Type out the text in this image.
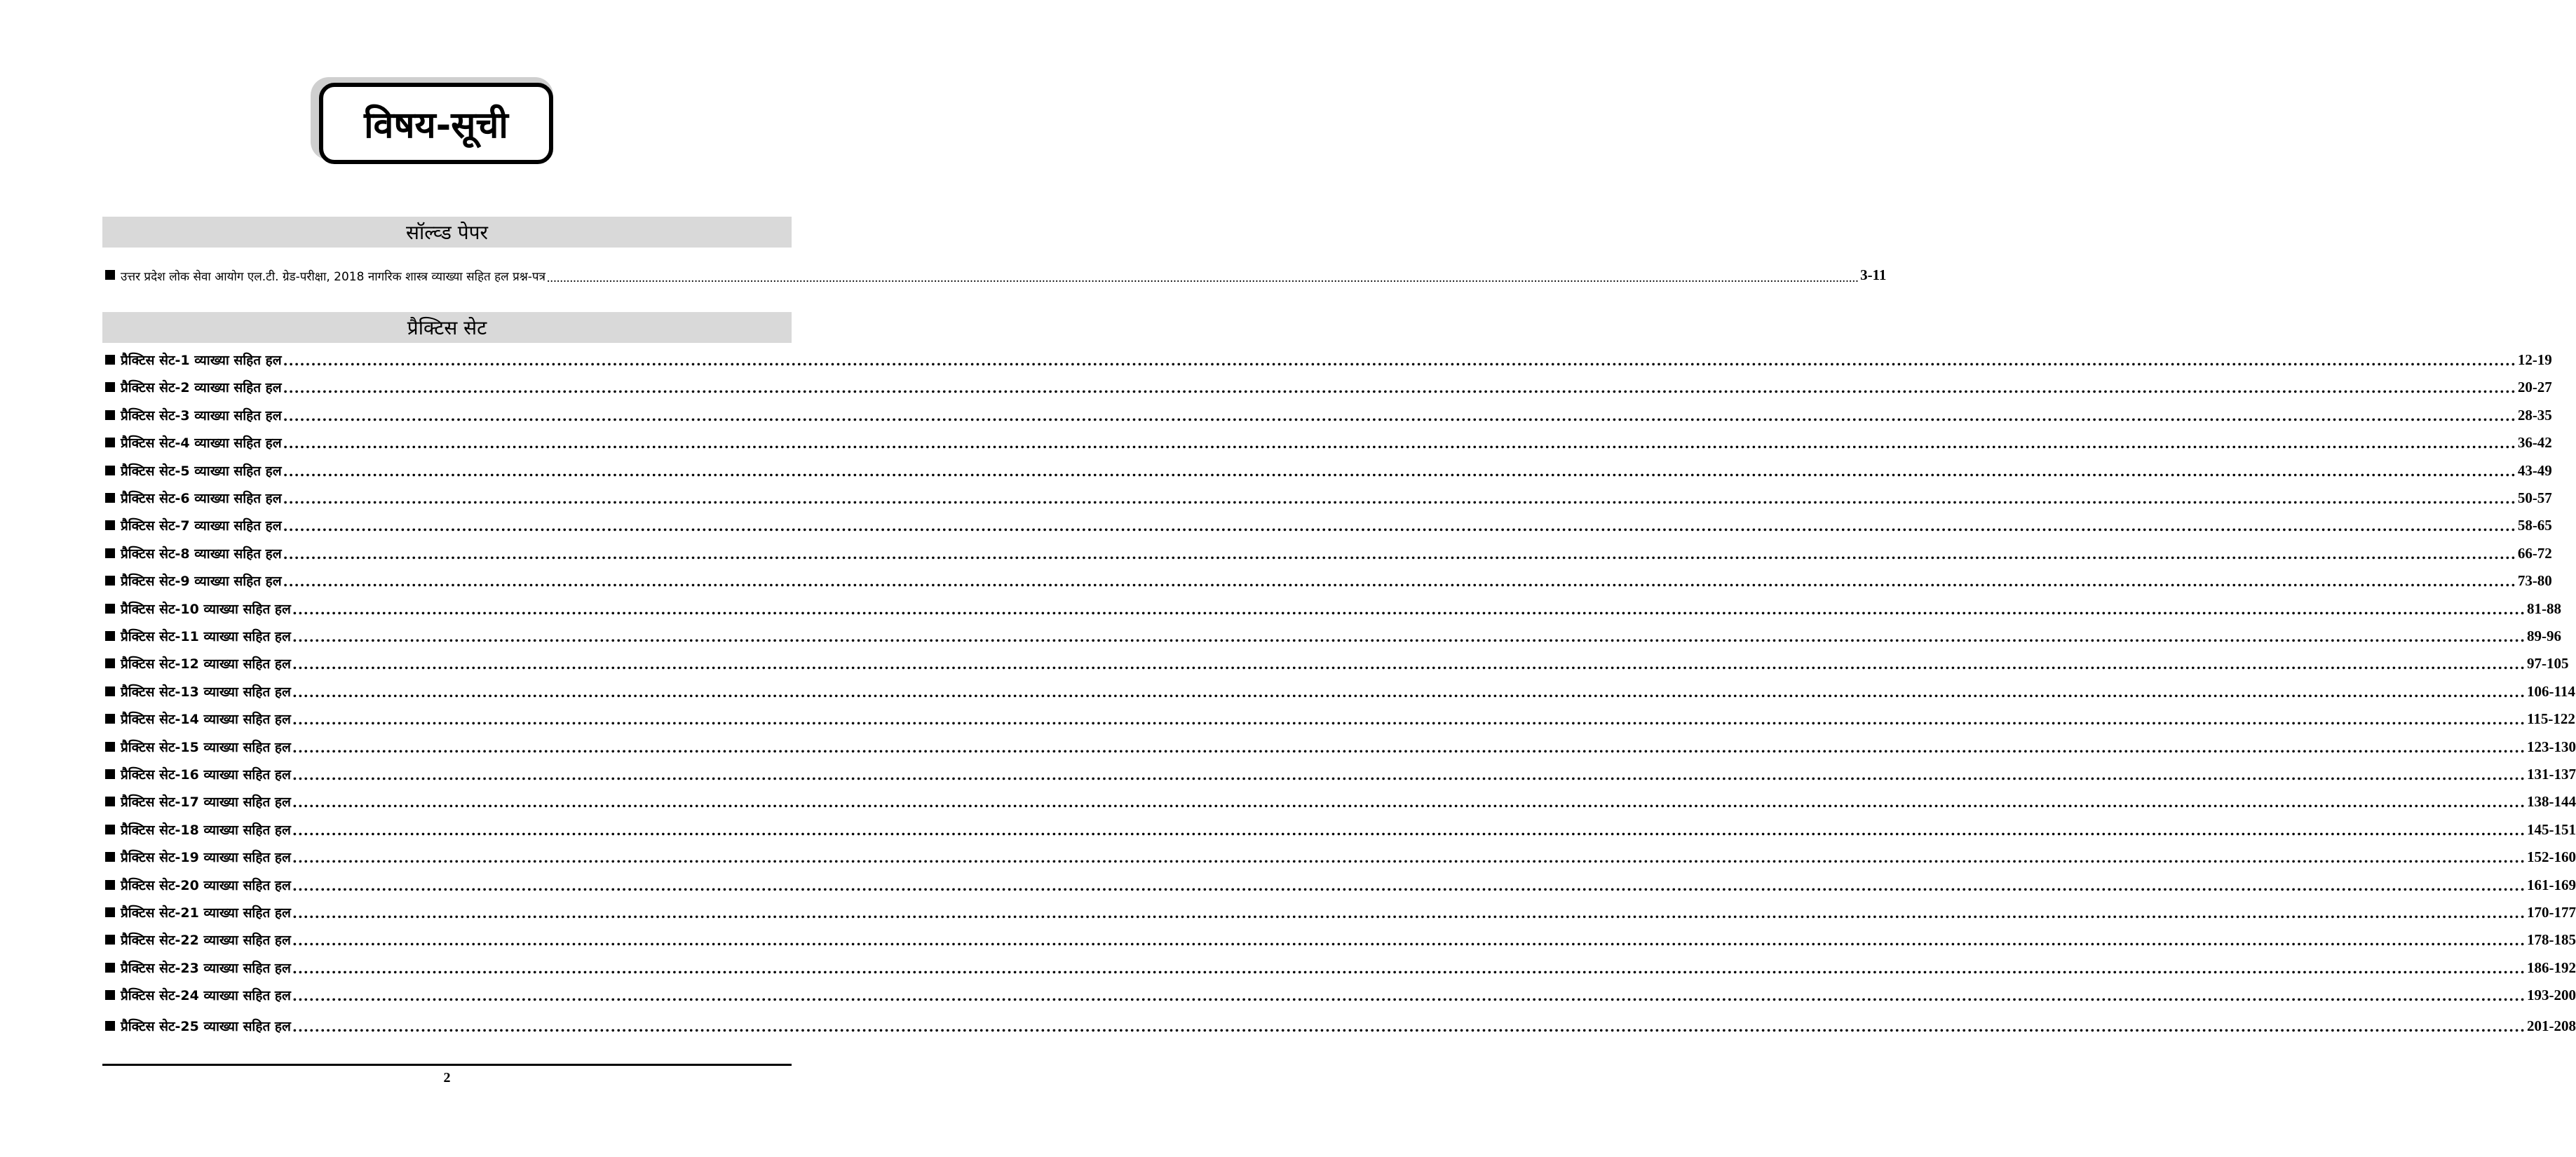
विषय-सूची
सॉल्व्ड पेपर
उत्तर प्रदेश लोक सेवा आयोग एल.टी. ग्रेड-परीक्षा, 2018 नागरिक शास्त्र व्याख्या सहित हल प्रश्न-पत्र ................................................................................................................................................................................................................................................................................................................................................................................................................ 3-11
प्रैक्टिस सेट
प्रैक्टिस सेट-1 व्याख्या सहित हल ................................................................................................................................................................................................................................................................................................................................................................................................................ 12-19
प्रैक्टिस सेट-2 व्याख्या सहित हल ................................................................................................................................................................................................................................................................................................................................................................................................................ 20-27
प्रैक्टिस सेट-3 व्याख्या सहित हल ................................................................................................................................................................................................................................................................................................................................................................................................................ 28-35
प्रैक्टिस सेट-4 व्याख्या सहित हल ................................................................................................................................................................................................................................................................................................................................................................................................................ 36-42
प्रैक्टिस सेट-5 व्याख्या सहित हल ................................................................................................................................................................................................................................................................................................................................................................................................................ 43-49
प्रैक्टिस सेट-6 व्याख्या सहित हल ................................................................................................................................................................................................................................................................................................................................................................................................................ 50-57
प्रैक्टिस सेट-7 व्याख्या सहित हल ................................................................................................................................................................................................................................................................................................................................................................................................................ 58-65
प्रैक्टिस सेट-8 व्याख्या सहित हल ................................................................................................................................................................................................................................................................................................................................................................................................................ 66-72
प्रैक्टिस सेट-9 व्याख्या सहित हल ................................................................................................................................................................................................................................................................................................................................................................................................................ 73-80
प्रैक्टिस सेट-10 व्याख्या सहित हल ................................................................................................................................................................................................................................................................................................................................................................................................................ 81-88
प्रैक्टिस सेट-11 व्याख्या सहित हल ................................................................................................................................................................................................................................................................................................................................................................................................................ 89-96
प्रैक्टिस सेट-12 व्याख्या सहित हल ................................................................................................................................................................................................................................................................................................................................................................................................................ 97-105
प्रैक्टिस सेट-13 व्याख्या सहित हल ................................................................................................................................................................................................................................................................................................................................................................................................................ 106-114
प्रैक्टिस सेट-14 व्याख्या सहित हल ................................................................................................................................................................................................................................................................................................................................................................................................................ 115-122
प्रैक्टिस सेट-15 व्याख्या सहित हल ................................................................................................................................................................................................................................................................................................................................................................................................................ 123-130
प्रैक्टिस सेट-16 व्याख्या सहित हल ................................................................................................................................................................................................................................................................................................................................................................................................................ 131-137
प्रैक्टिस सेट-17 व्याख्या सहित हल ................................................................................................................................................................................................................................................................................................................................................................................................................ 138-144
प्रैक्टिस सेट-18 व्याख्या सहित हल ................................................................................................................................................................................................................................................................................................................................................................................................................ 145-151
प्रैक्टिस सेट-19 व्याख्या सहित हल ................................................................................................................................................................................................................................................................................................................................................................................................................ 152-160
प्रैक्टिस सेट-20 व्याख्या सहित हल ................................................................................................................................................................................................................................................................................................................................................................................................................ 161-169
प्रैक्टिस सेट-21 व्याख्या सहित हल ................................................................................................................................................................................................................................................................................................................................................................................................................ 170-177
प्रैक्टिस सेट-22 व्याख्या सहित हल ................................................................................................................................................................................................................................................................................................................................................................................................................ 178-185
प्रैक्टिस सेट-23 व्याख्या सहित हल ................................................................................................................................................................................................................................................................................................................................................................................................................ 186-192
प्रैक्टिस सेट-24 व्याख्या सहित हल ................................................................................................................................................................................................................................................................................................................................................................................................................ 193-200
प्रैक्टिस सेट-25 व्याख्या सहित हल ................................................................................................................................................................................................................................................................................................................................................................................................................ 201-208
2
